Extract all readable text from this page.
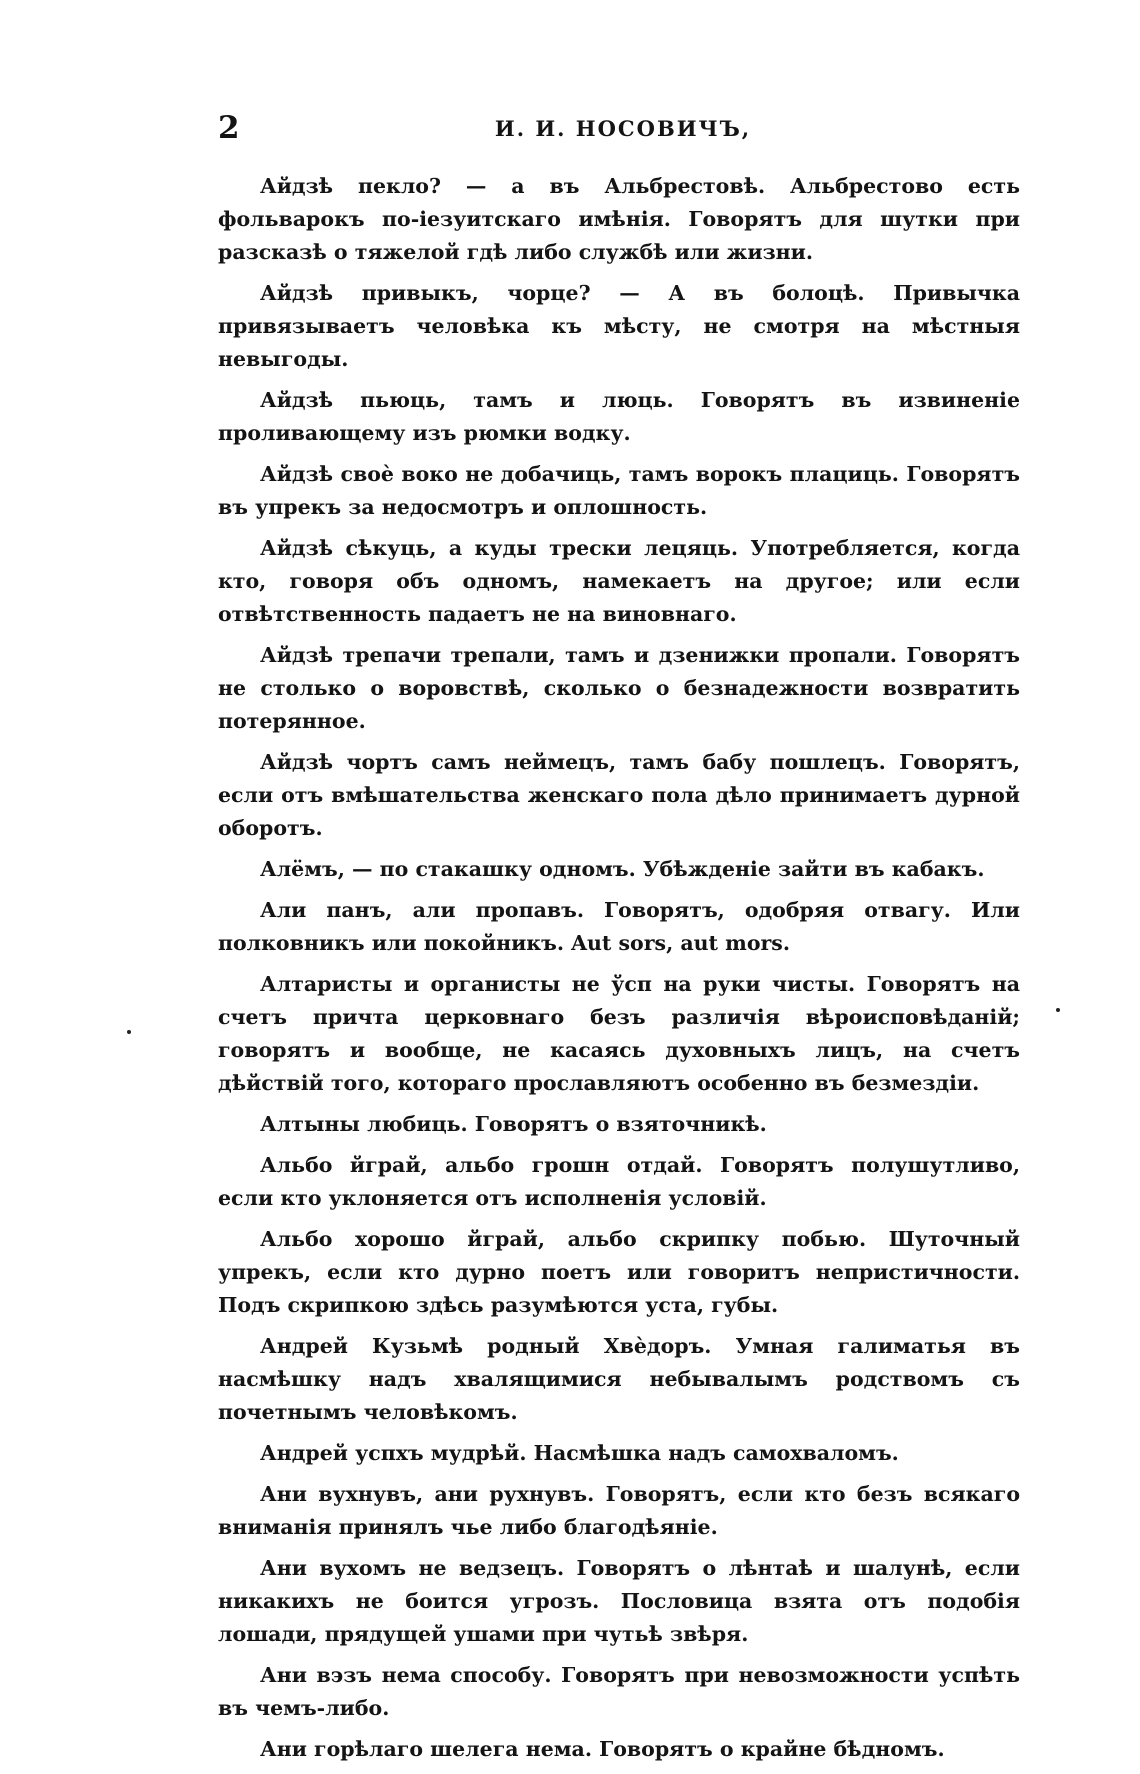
2	И. И. НОСОВИЧЪ,

Айдзѣ пекло? — а въ Альбрестовѣ. Альбрестово есть фольварокъ по-iезуитскаго имѣнія. Говорятъ для шутки при разсказѣ о тяжелой гдѣ либо службѣ или жизни.

Айдзѣ привыкъ, чорце? — А въ болоцѣ. Привычка привязываетъ человѣка къ мѣсту, не смотря на мѣстныя невыгоды.

Айдзѣ пьюць, тамъ и люць. Говорятъ въ извиненіе проливающему изъ рюмки водку.

Айдзѣ своѐ воко не добачиць, тамъ ворокъ плациць. Говорятъ въ упрекъ за недосмотръ и оплошность.

Айдзѣ сѣкуць, а куды трески лецяць. Употребляется, когда кто, говоря объ одномъ, намекаетъ на другое; или если отвѣтственность падаетъ не на виновнаго.

Айдзѣ трепачи трепали, тамъ и дзенижки пропали. Говорятъ не столько о воровствѣ, сколько о безнадежности возвратить потерянное.

Айдзѣ чортъ самъ неймецъ, тамъ бабу пошлецъ. Говорятъ, если отъ вмѣшательства женскаго пола дѣло принимаетъ дурной оборотъ.

Алёмъ, — по стакашку одномъ. Убѣжденіе зайти въ кабакъ.

Али панъ, али пропавъ. Говорятъ, одобряя отвагу. Или полковникъ или покойникъ. Aut sors, aut mors.

Алтаристы и органисты не ўсп на руки чисты. Говорятъ на счетъ причта церковнаго безъ различія вѣроисповѣданій; говорятъ и вообще, не касаясь духовныхъ лицъ, на счетъ дѣйствій того, котораго прославляютъ особенно въ безмездіи.

Алтыны любиць. Говорятъ о взяточникѣ.

Альбо йграй, альбо грошн отдай. Говорятъ полушутливо, если кто уклоняется отъ исполненія условій.

Альбо хорошо йграй, альбо скрипку побью. Шуточный упрекъ, если кто дурно поетъ или говоритъ непристичности. Подъ скрипкою здѣсь разумѣются уста, губы.

Андрей Кузьмѣ родный Хвѐдоръ. Умная галиматья въ насмѣшку надъ хвалящимися небывалымъ родствомъ съ почетнымъ человѣкомъ.

Андрей успхъ мудрѣй. Насмѣшка надъ самохваломъ.

Ани вухнувъ, ани рухнувъ. Говорятъ, если кто безъ всякаго вниманія принялъ чье либо благодѣяніе.

Ани вухомъ не ведзецъ. Говорятъ о лѣнтаѣ и шалунѣ, если никакихъ не боится угрозъ. Пословица взята отъ подобія лошади, прядущей ушами при чутьѣ звѣря.

Ани вэзъ нема способу. Говорятъ при невозможности успѣть въ чемъ-либо.

Ани горѣлаго шелега нема. Говорятъ о крайне бѣдномъ.
